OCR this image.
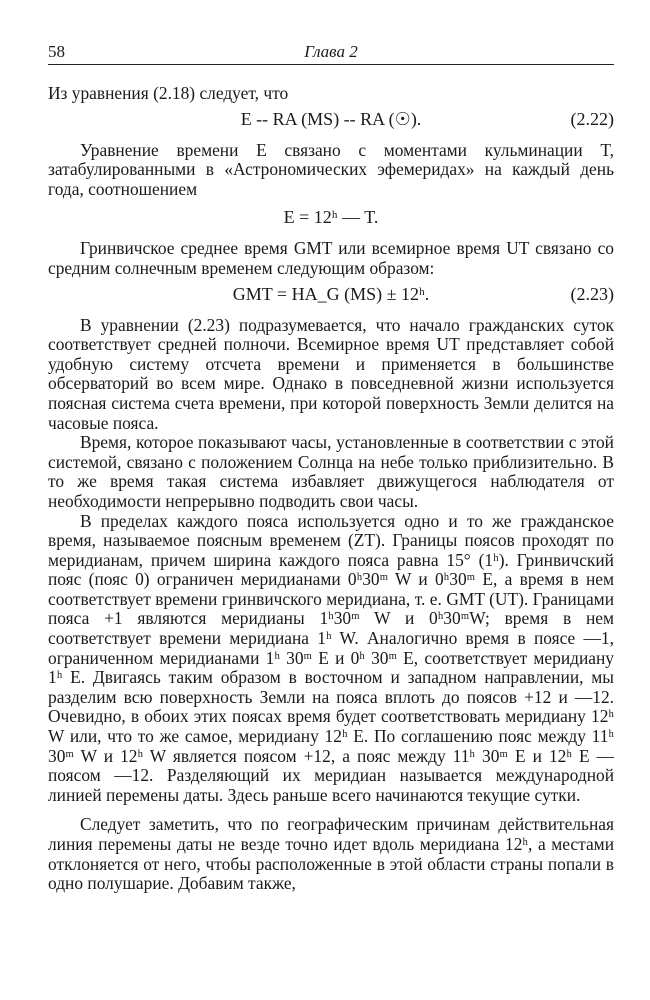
58	Глава 2

Из уравнения (2.18) следует, что

E -- RA (MS) -- RA (☉).	(2.22)

Уравнение времени E связано с моментами кульминации T, затабулированными в «Астрономических эфемеридах» на каждый день года, соотношением

E = 12ʰ — T.

Гринвичское среднее время GMT или всемирное время UT связано со средним солнечным временем следующим образом:

GMT = HA_G (MS) ± 12ʰ.	(2.23)

В уравнении (2.23) подразумевается, что начало гражданских суток соответствует средней полночи. Всемирное время UT представляет собой удобную систему отсчета времени и применяется в большинстве обсерваторий во всем мире. Однако в повседневной жизни используется поясная система счета времени, при которой поверхность Земли делится на часовые пояса.

Время, которое показывают часы, установленные в соответствии с этой системой, связано с положением Солнца на небе только приблизительно. В то же время такая система избавляет движущегося наблюдателя от необходимости непрерывно подводить свои часы.

В пределах каждого пояса используется одно и то же гражданское время, называемое поясным временем (ZT). Границы поясов проходят по меридианам, причем ширина каждого пояса равна 15° (1ʰ). Гринвичский пояс (пояс 0) ограничен меридианами 0ʰ30ᵐ W и 0ʰ30ᵐ E, а время в нем соответствует времени гринвичского меридиана, т. е. GMT (UT). Границами пояса +1 являются меридианы 1ʰ30ᵐ W и 0ʰ30ᵐW; время в нем соответствует времени меридиана 1ʰ W. Аналогично время в поясе —1, ограниченном меридианами 1ʰ 30ᵐ E и 0ʰ 30ᵐ E, соответствует меридиану 1ʰ E. Двигаясь таким образом в восточном и западном направлении, мы разделим всю поверхность Земли на пояса вплоть до поясов +12 и —12. Очевидно, в обоих этих поясах время будет соответствовать меридиану 12ʰ W или, что то же самое, меридиану 12ʰ E. По соглашению пояс между 11ʰ 30ᵐ W и 12ʰ W является поясом +12, а пояс между 11ʰ 30ᵐ E и 12ʰ E — поясом —12. Разделяющий их меридиан называется международной линией перемены даты. Здесь раньше всего начинаются текущие сутки.

Следует заметить, что по географическим причинам действительная линия перемены даты не везде точно идет вдоль меридиана 12ʰ, а местами отклоняется от него, чтобы расположенные в этой области страны попали в одно полушарие. Добавим также,
